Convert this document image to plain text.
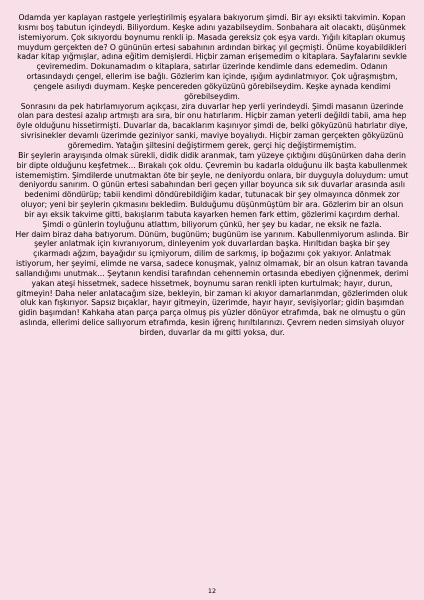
Odamda yer kaplayan rastgele yerleştirilmiş eşyalara bakıyorum şimdi. Bir ayı eksikti takvimin. Kopan kısmı boş tabutun içindeydi. Biliyordum. Keşke adını yazabilseydim. Sonbahara ait olacaktı, düşünmek istemiyorum. Çok sıkıyordu boynumu renkli ip. Masada gereksiz çok eşya vardı. Yığılı kitapları okumuş muydum gerçekten de? O gününün ertesi sabahının ardından birkaç yıl geçmişti. Önüme koyabildikleri kadar kitap yığmışlar, adına eğitim demişlerdi. Hiçbir zaman erişemedim o kitaplara. Sayfalarını sevkle çeviremedim. Dokunamadım o kitaplara, satırlar üzerinde kendimle dans edemedim. Odanın ortasındaydı çengel, ellerim ise bağlı. Gözlerim kan içinde, ışığım aydınlatmıyor. Çok uğraşmıştım, çengele asılıydı duymam. Keşke pencereden gökyüzünü görebilseydim. Keşke aynada kendimi görebilseydim.

Sonrasını da pek hatırlamıyorum açıkçası, zira duvarlar hep yerli yerindeydi. Şimdi masanın üzerinde olan para destesi azalıp artmıştı ara sıra, bir onu hatırlarım. Hiçbir zaman yeterli değildi tabii, ama hep öyle olduğunu hissetirmişti. Duvarlar da, bacaklarım kaşınıyor şimdi de, belki gökyüzünü hatırlatır diye, sivrisinekler devamlı üzerimde geziniyor sanki, maviye boyalıydı. Hiçbir zaman gerçekten gökyüzünü göremedim. Yatağın şiltesini değiştirmem gerek, gerçi hiç değiştirmemiştim.

Bir şeylerin arayışında olmak sürekli, didik didik aranmak, tam yüzeye çıktığını düşünürken daha derin bir dipte olduğunu keşfetmek… Bırakalı çok oldu. Çevremin bu kadarla olduğunu ilk başta kabullenmek istememiştim. Şimdilerde unutmaktan öte bir şeyle, ne deniyordu onlara, bir duyguyla doluydum: umut deniyordu sanırım. O günün ertesi sabahından beri geçen yıllar boyunca sık sık duvarlar arasında asılı bedenimi döndürüp; tabii kendimi döndürebildiğim kadar, tutunacak bir şey olmayınca dönmek zor oluyor; yeni bir şeylerin çıkmasını bekledim. Bulduğumu düşünmüştüm bir ara. Gözlerim bir an olsun bir ayı eksik takvime gitti, bakışlarım tabuta kayarken hemen fark ettim, gözlerimi kaçırdım derhal. Şimdi o günlerin toyluğunu atlattım, biliyorum çünkü, her şey bu kadar, ne eksik ne fazla.

Her daim biraz daha batıyorum. Dünüm, bugünüm; bugünüm ise yarınım. Kabullenmiyorum aslında. Bir şeyler anlatmak için kıvranıyorum, dinleyenim yok duvarlardan başka. Hırıltıdan başka bir şey çıkarmadı ağzım, bayağıdır su içmiyorum, dilim de sarkmış, ip boğazımı çok yakıyor. Anlatmak istiyorum, her şeyimi, elimde ne varsa, sadece konuşmak, yalnız olmamak, bir an olsun katran tavanda sallandığımı unutmak… Şeytanın kendisi tarafından cehennemin ortasında ebediyen çiğnenmek, derimi yakan ateşi hissetmek, sadece hissetmek, boynumu saran renkli ipten kurtulmak; hayır, durun, gitmeyin! Daha neler anlatacağım size, bekleyin, bir zaman ki akıyor damarlarımdan, gözlerimden oluk oluk kan fışkırıyor. Sapsız bıçaklar, hayır gitmeyin, üzerimde, hayır hayır, sevişiyorlar; gidin başımdan gidin başımdan! Kahkaha atan parça parça olmuş pis yüzler dönüyor etrafımda, bak ne olmuştu o gün aslında, ellerimi delice sallıyorum etrafımda, kesin iğrenç hırıltılarınızı. Çevrem neden simsiyah oluyor birden, duvarlar da mı gitti yoksa, dur.

12
